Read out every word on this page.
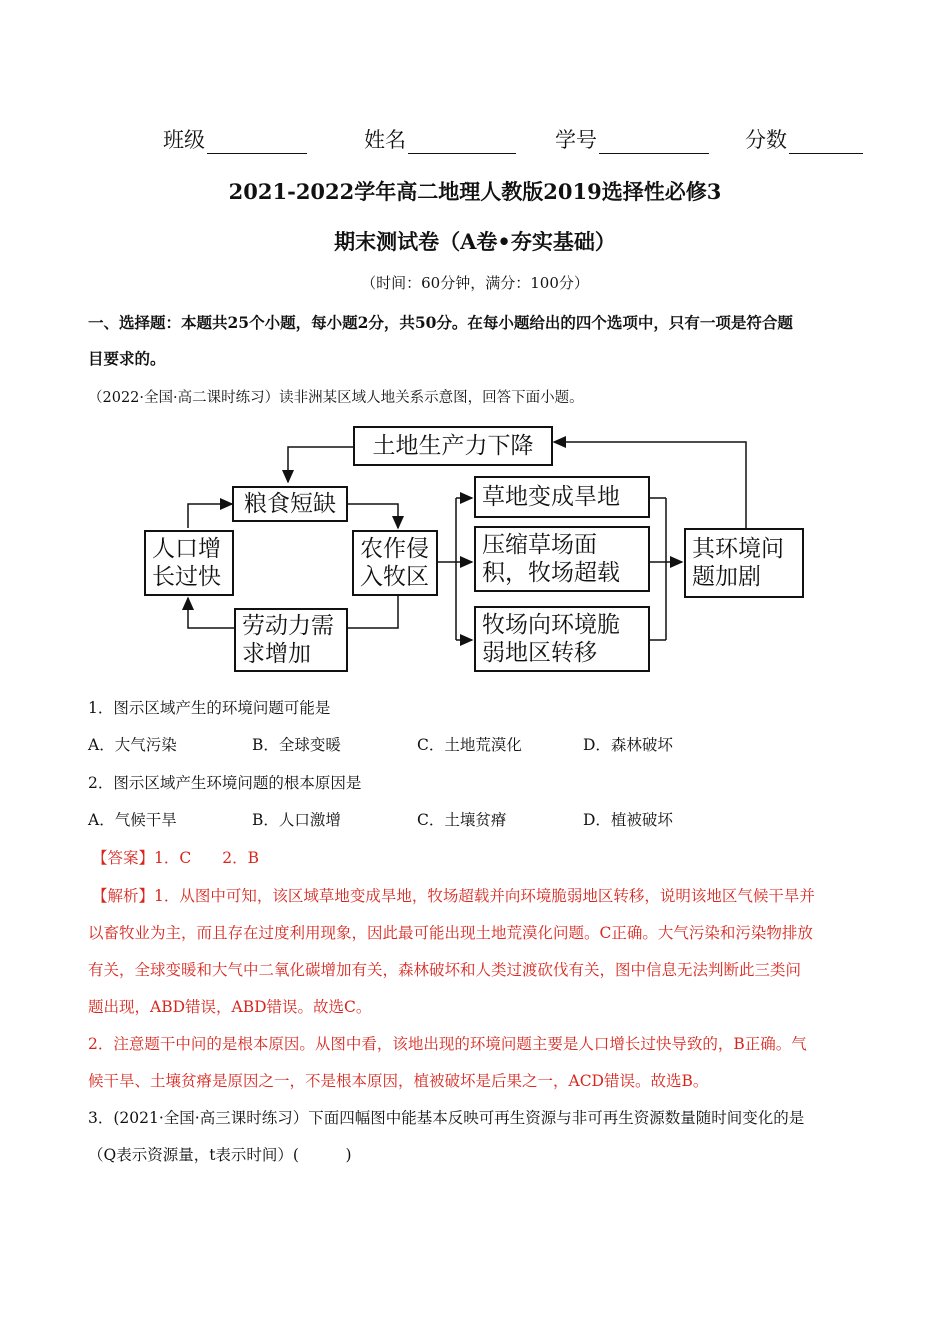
班级	姓名	学号	分数
2021-2022学年高二地理人教版2019选择性必修3
期末测试卷（A卷•夯实基础）
（时间：60分钟，满分：100分）
一、选择题：本题共25个小题，每小题2分，共50分。在每小题给出的四个选项中，只有一项是符合题
目要求的。
（2022·全国·高二课时练习）读非洲某区域人地关系示意图，回答下面小题。
土地生产力下降
粮食短缺
人口增长过快
农作侵入牧区
劳动力需求增加
草地变成旱地
压缩草场面积，牧场超载
牧场向环境脆弱地区转移
其环境问题加剧
1．图示区域产生的环境问题可能是
A．大气污染	B．全球变暖	C．土地荒漠化	D．森林破坏
2．图示区域产生环境问题的根本原因是
A．气候干旱	B．人口激增	C．土壤贫瘠	D．植被破坏
【答案】1．C　　2．B
【解析】1．从图中可知，该区域草地变成旱地，牧场超载并向环境脆弱地区转移，说明该地区气候干旱并
以畜牧业为主，而且存在过度利用现象，因此最可能出现土地荒漠化问题。C正确。大气污染和污染物排放
有关，全球变暖和大气中二氧化碳增加有关，森林破坏和人类过渡砍伐有关，图中信息无法判断此三类问
题出现，ABD错误，ABD错误。故选C。
2．注意题干中问的是根本原因。从图中看，该地出现的环境问题主要是人口增长过快导致的，B正确。气
候干旱、土壤贫瘠是原因之一，不是根本原因，植被破坏是后果之一，ACD错误。故选B。
3．(2021·全国·高三课时练习）下面四幅图中能基本反映可再生资源与非可再生资源数量随时间变化的是
（Q表示资源量，t表示时间）(　　　)
